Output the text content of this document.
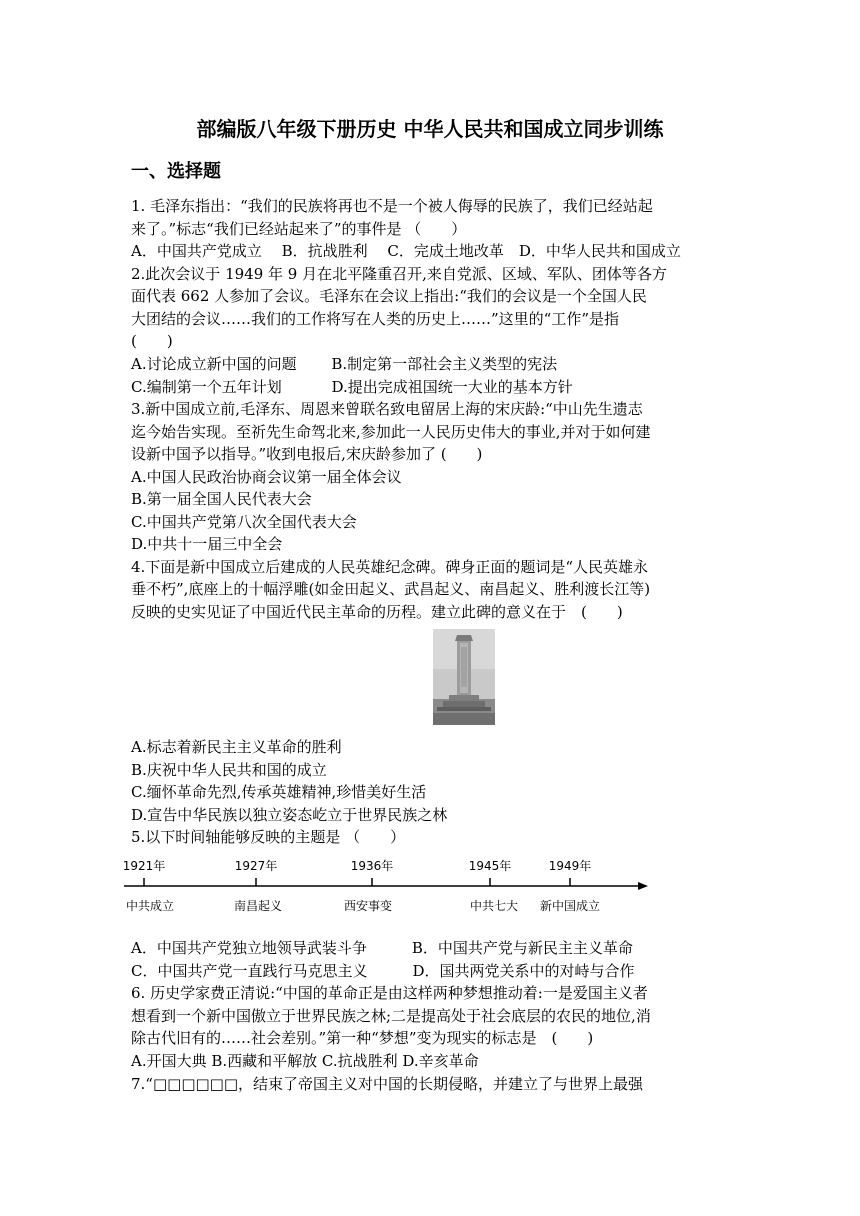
部编版八年级下册历史 中华人民共和国成立同步训练
一、选择题
1. 毛泽东指出：“我们的民族将再也不是一个被人侮辱的民族了，我们已经站起
来了。”标志“我们已经站起来了”的事件是 （　　）
A．中国共产党成立　 B．抗战胜利　 C．完成土地改革　D．中华人民共和国成立
2.此次会议于 1949 年 9 月在北平隆重召开,来自党派、区域、军队、团体等各方
面代表 662 人参加了会议。毛泽东在会议上指出:“我们的会议是一个全国人民
大团结的会议……我们的工作将写在人类的历史上……”这里的“工作”是指
(　　)
A.讨论成立新中国的问题　　 B.制定第一部社会主义类型的宪法
C.编制第一个五年计划　　　 D.提出完成祖国统一大业的基本方针
3.新中国成立前,毛泽东、周恩来曾联名致电留居上海的宋庆龄:“中山先生遗志
迄今始告实现。至祈先生命驾北来,参加此一人民历史伟大的事业,并对于如何建
设新中国予以指导。”收到电报后,宋庆龄参加了 (　　)
A.中国人民政治协商会议第一届全体会议
B.第一届全国人民代表大会
C.中国共产党第八次全国代表大会
D.中共十一届三中全会
4.下面是新中国成立后建成的人民英雄纪念碑。碑身正面的题词是“人民英雄永
垂不朽”,底座上的十幅浮雕(如金田起义、武昌起义、南昌起义、胜利渡长江等)
反映的史实见证了中国近代民主革命的历程。建立此碑的意义在于　(　　)
A.标志着新民主主义革命的胜利
B.庆祝中华人民共和国的成立
C.缅怀革命先烈,传承英雄精神,珍惜美好生活
D.宣告中华民族以独立姿态屹立于世界民族之林
5.以下时间轴能够反映的主题是 （　　）
1921年	1927年	1936年	1945年	1949年
中共成立	南昌起义	西安事变	中共七大 新中国成立
A．中国共产党独立地领导武装斗争　　　B．中国共产党与新民主主义革命
C．中国共产党一直践行马克思主义　　　D．国共两党关系中的对峙与合作
6. 历史学家费正清说:“中国的革命正是由这样两种梦想推动着:一是爱国主义者
想看到一个新中国傲立于世界民族之林;二是提高处于社会底层的农民的地位,消
除古代旧有的……社会差别。”第一种“梦想”变为现实的标志是　(　　)
A.开国大典 B.西藏和平解放 C.抗战胜利 D.辛亥革命
7.“□□□□□□，结束了帝国主义对中国的长期侵略，并建立了与世界上最强
